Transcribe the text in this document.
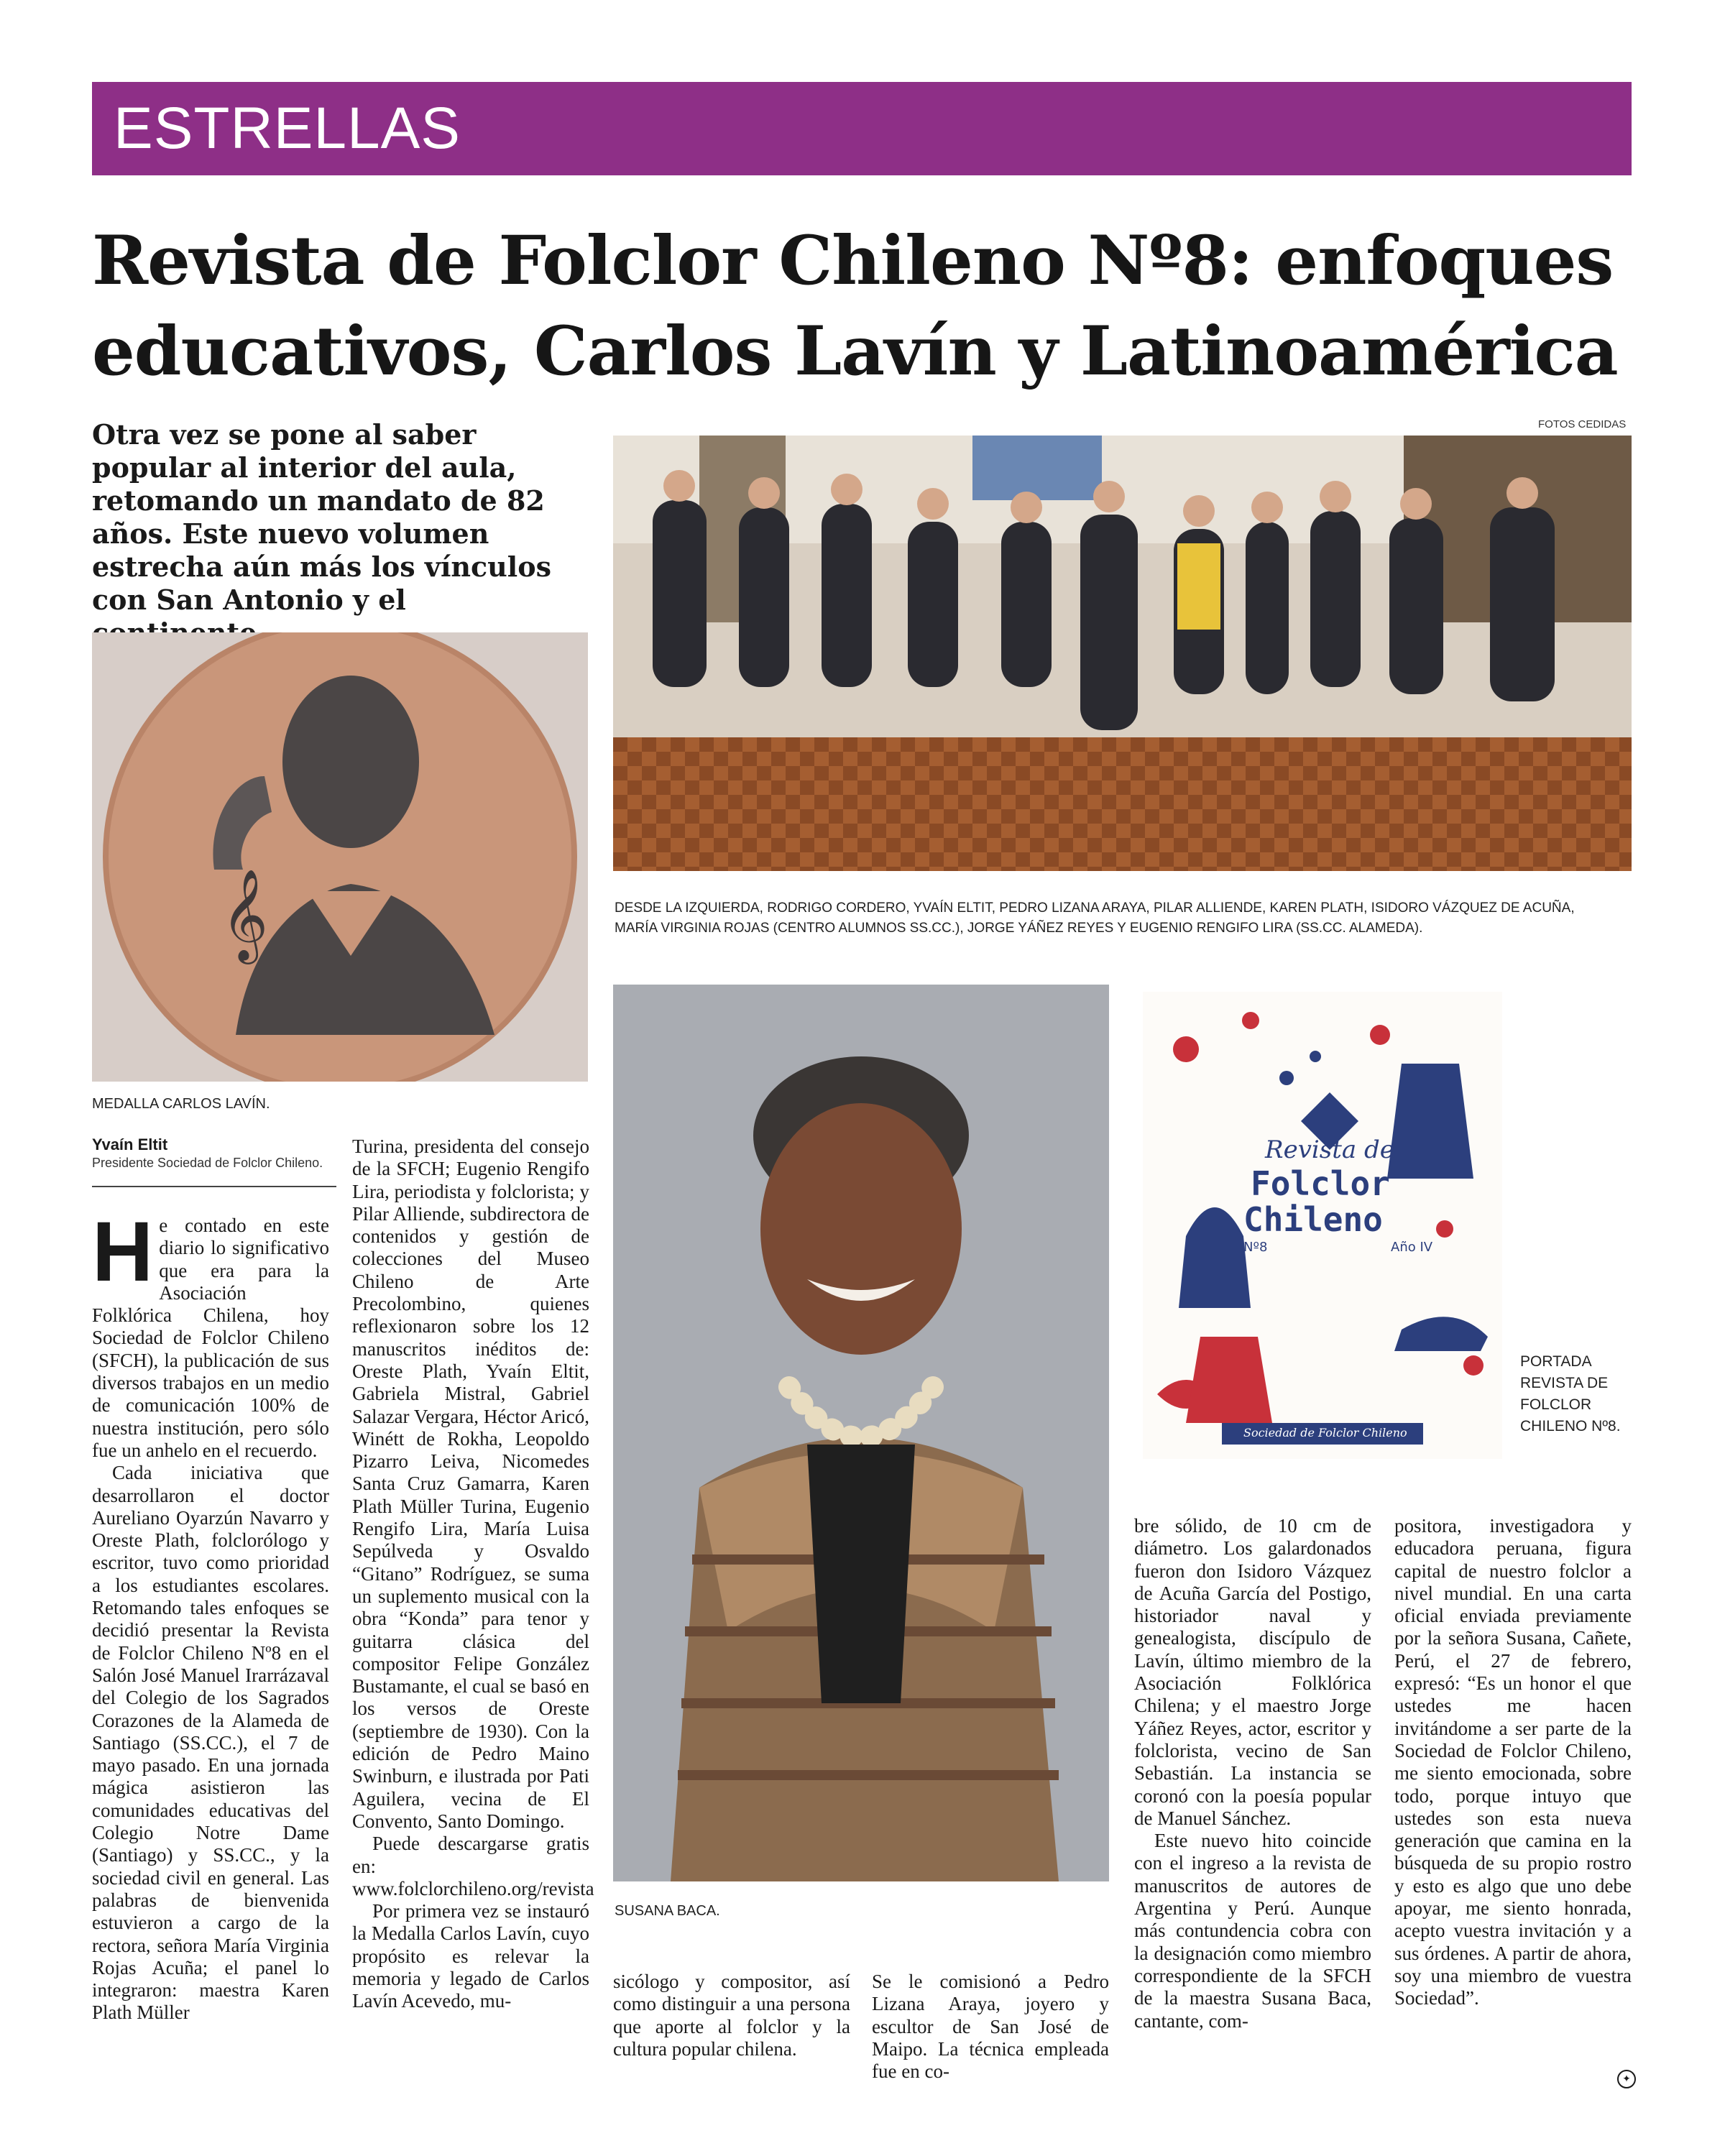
ESTRELLAS
Revista de Folclor Chileno Nº8: enfoques
educativos, Carlos Lavín y Latinoamérica
Otra vez se pone al saber popular al interior del aula, retomando un mandato de 82 años. Este nuevo volumen estrecha aún más los vínculos con San Antonio y el
FOTOS CEDIDAS
DESDE LA IZQUIERDA, RODRIGO CORDERO, YVAÍN ELTIT, PEDRO LIZANA ARAYA, PILAR ALLIENDE, KAREN PLATH, ISIDORO VÁZQUEZ DE ACUÑA,
MARÍA VIRGINIA ROJAS (CENTRO ALUMNOS SS.CC.), JORGE YÁÑEZ REYES Y EUGENIO RENGIFO LIRA (SS.CC. ALAMEDA).
𝄞
MEDALLA CARLOS LAVÍN.
SUSANA BACA.
Revista de
Folclor
Chileno
Nº8	Año IV
Sociedad de Folclor Chileno
PORTADA
REVISTA DE
FOLCLOR
CHILENO Nº8.
Yvaín Eltit
Presidente Sociedad de Folclor Chileno.

He contado en este diario lo significativo que era para la Asociación Folklórica Chilena, hoy Sociedad de Folclor Chileno (SFCH), la publicación de sus diversos trabajos en un medio de comunicación 100% de nuestra institución, pero sólo fue un anhelo en el recuerdo.

Cada iniciativa que desarrollaron el doctor Aureliano Oyarzún Navarro y Oreste Plath, folclorólogo y escritor, tuvo como prioridad a los estudiantes escolares. Retomando tales enfoques se decidió presentar la Revista de Folclor Chileno Nº8 en el Salón José Manuel Irarrázaval del Colegio de los Sagrados Corazones de la Alameda de Santiago (SS.CC.), el 7 de mayo pasado. En una jornada mágica asistieron las comunidades educativas del Colegio Notre Dame (Santiago) y SS.CC., y la sociedad civil en general. Las palabras de bienvenida estuvieron a cargo de la rectora, señora María Virginia Rojas Acuña; el panel lo integraron: maestra Karen Plath Müller

Turina, presidenta del consejo de la SFCH; Eugenio Rengifo Lira, periodista y folclorista; y Pilar Alliende, subdirectora de contenidos y gestión de colecciones del Museo Chileno de Arte Precolombino, quienes reflexionaron sobre los 12 manuscritos inéditos de: Oreste Plath, Yvaín Eltit, Gabriela Mistral, Gabriel Salazar Vergara, Héctor Aricó, Winétt de Rokha, Leopoldo Pizarro Leiva, Nicomedes Santa Cruz Gamarra, Karen Plath Müller Turina, Eugenio Rengifo Lira, María Luisa Sepúlveda y Osvaldo “Gitano” Rodríguez, se suma un suplemento musical con la obra “Konda” para tenor y guitarra clásica del compositor Felipe González Bustamante, el cual se basó en los versos de Oreste (septiembre de 1930). Con la edición de Pedro Maino Swinburn, e ilustrada por Pati Aguilera, vecina de El Convento, Santo Domingo.

Puede descargarse gratis en: www.folclorchileno.org/revista

Por primera vez se instauró la Medalla Carlos Lavín, cuyo propósito es relevar la memoria y legado de Carlos Lavín Acevedo, mu-

sicólogo y compositor, así como distinguir a una persona que aporte al folclor y la cultura popular chilena.

Se le comisionó a Pedro Lizana Araya, joyero y escultor de San José de Maipo. La técnica empleada fue en co-

bre sólido, de 10 cm de diámetro. Los galardonados fueron don Isidoro Vázquez de Acuña García del Postigo, historiador naval y genealogista, discípulo de Lavín, último miembro de la Asociación Folklórica Chilena; y el maestro Jorge Yáñez Reyes, actor, escritor y folclorista, vecino de San Sebastián. La instancia se coronó con la poesía popular de Manuel Sánchez.

Este nuevo hito coincide con el ingreso a la revista de manuscritos de autores de Argentina y Perú. Aunque más contundencia cobra con la designación como miembro correspondiente de la SFCH de la maestra Susana Baca, cantante, com-

positora, investigadora y educadora peruana, figura capital de nuestro folclor a nivel mundial. En una carta oficial enviada previamente por la señora Susana, Cañete, Perú, el 27 de febrero, expresó: “Es un honor el que ustedes me hacen invitándome a ser parte de la Sociedad de Folclor Chileno, me siento emocionada, sobre todo, porque intuyo que ustedes son esta nueva generación que camina en la búsqueda de su propio rostro y esto es algo que uno debe apoyar, me siento honrada, acepto vuestra invitación y a sus órdenes. A partir de ahora, soy una miembro de vuestra Sociedad”.

✦
